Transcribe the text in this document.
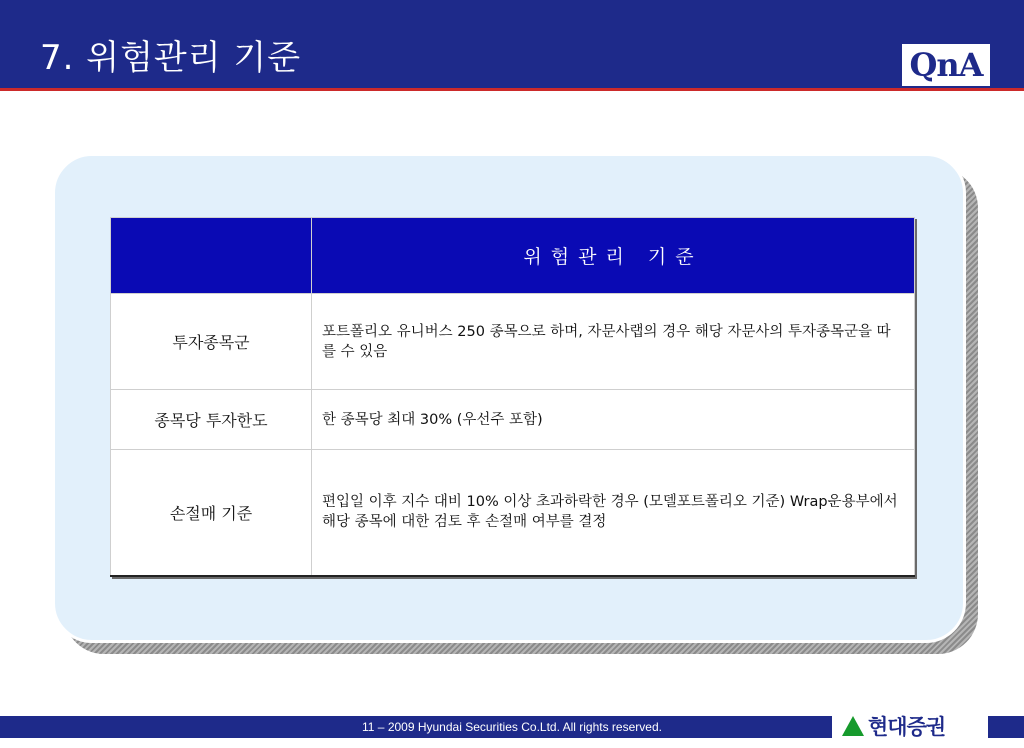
7. 위험관리 기준	QnA
	위험관리 기준
투자종목군	포트폴리오 유니버스 250 종목으로 하며, 자문사랩의 경우 해당 자문사의 투자종목군을 따를 수 있음
종목당 투자한도	한 종목당 최대 30% (우선주 포함)
손절매 기준	편입일 이후 지수 대비 10% 이상 초과하락한 경우 (모델포트폴리오 기준) Wrap운용부에서 해당 종목에 대한 검토 후 손절매 여부를 결정
11 – 2009 Hyundai Securities Co.Ltd. All rights reserved.	현대증권
